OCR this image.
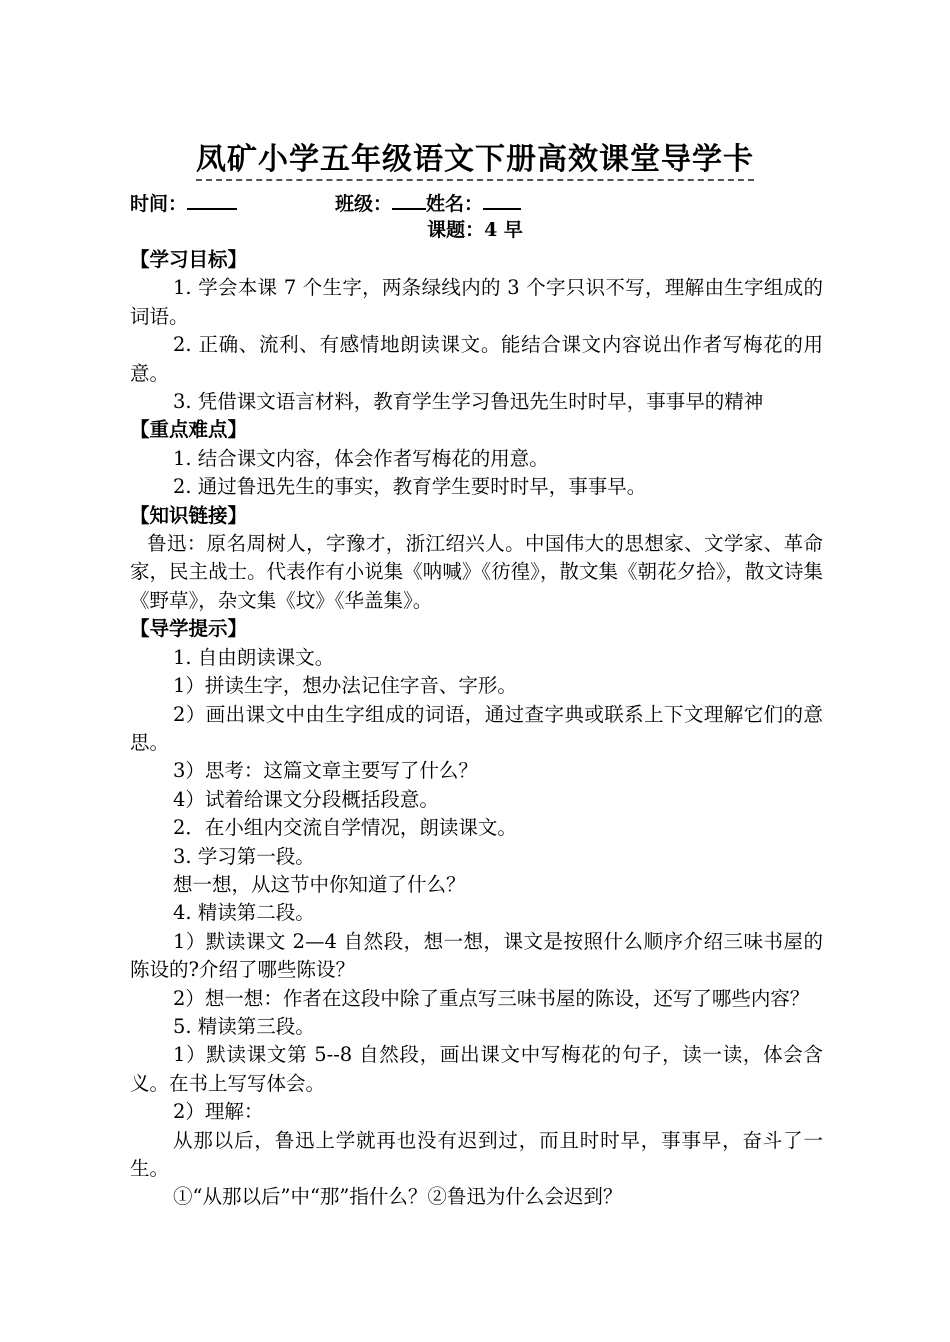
凤矿小学五年级语文下册高效课堂导学卡
时间：	班级： 姓名：
课题：4 早
【学习目标】
1. 学会本课 7 个生字，两条绿线内的 3 个字只识不写，理解由生字组成的词语。
2. 正确、流利、有感情地朗读课文。能结合课文内容说出作者写梅花的用意。
3. 凭借课文语言材料，教育学生学习鲁迅先生时时早，事事早的精神
【重点难点】
1. 结合课文内容，体会作者写梅花的用意。
2. 通过鲁迅先生的事实，教育学生要时时早，事事早。
【知识链接】
鲁迅：原名周树人，字豫才，浙江绍兴人。中国伟大的思想家、文学家、革命家，民主战士。代表作有小说集《呐喊》《彷徨》，散文集《朝花夕拾》，散文诗集《野草》，杂文集《坟》《华盖集》。
【导学提示】
1. 自由朗读课文。
1）拼读生字，想办法记住字音、字形。
2）画出课文中由生字组成的词语，通过查字典或联系上下文理解它们的意思。
3）思考：这篇文章主要写了什么？
4）试着给课文分段概括段意。
2．在小组内交流自学情况，朗读课文。
3. 学习第一段。
想一想，从这节中你知道了什么？
4. 精读第二段。
1）默读课文 2—4 自然段，想一想，课文是按照什么顺序介绍三味书屋的陈设的?介绍了哪些陈设？
2）想一想：作者在这段中除了重点写三味书屋的陈设，还写了哪些内容？
5. 精读第三段。
1）默读课文第 5--8 自然段，画出课文中写梅花的句子，读一读，体会含义。在书上写写体会。
2）理解：
从那以后，鲁迅上学就再也没有迟到过，而且时时早，事事早，奋斗了一生。
①“从那以后”中“那”指什么？②鲁迅为什么会迟到？
